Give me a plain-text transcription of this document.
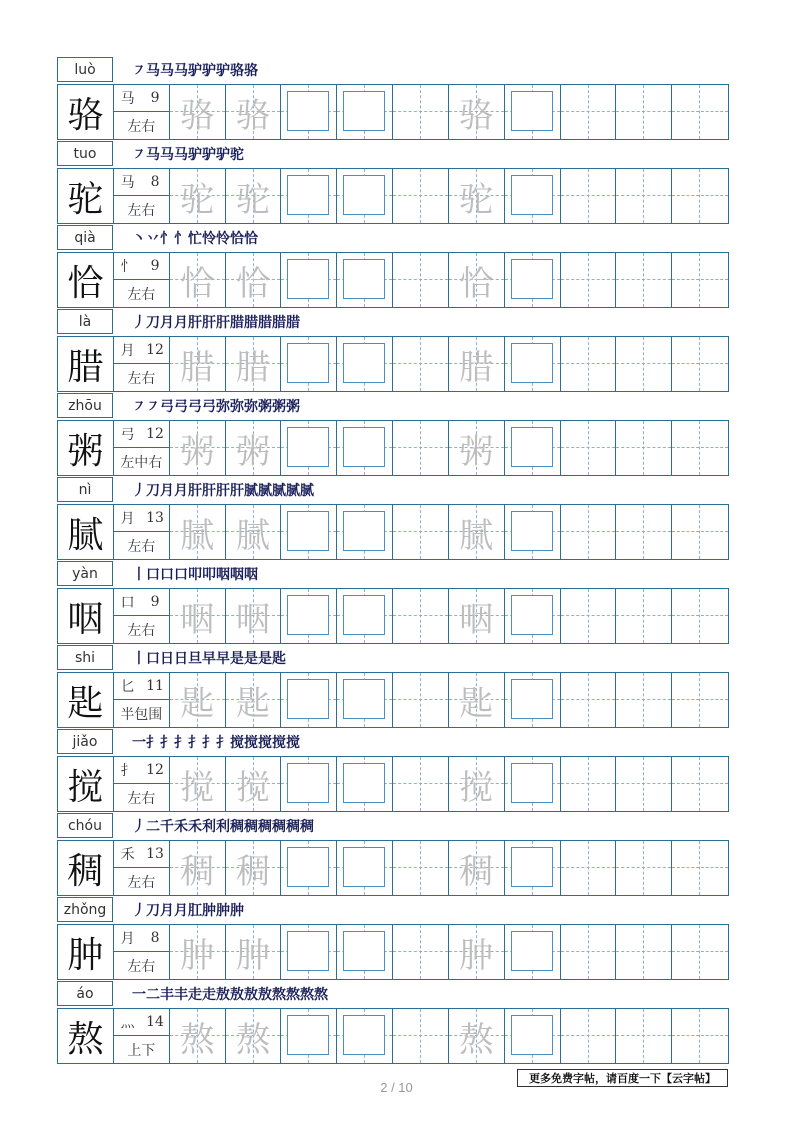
luò	㇇ 马 马 马 驴 驴 驴 骆 骆
骆	马	9
左右 骆 骆	骆
tuo	㇇ 马 马 马 驴 驴 驴 驼
驼	马	8
左右 驼 驼	驼
qià	丶 丷 忄 忄 忙 怜 怜 恰 恰
恰	忄	9
左右 恰 恰	恰
là	丿 刀 月 月 肝 肝 肝 腊 腊 腊 腊 腊
腊	月 12
左右 腊 腊	腊
zhōu	㇇ ㇇ 弓 弓 弓 弓 弥 弥 弥 粥 粥 粥
粥	弓 12
左中右 粥 粥	粥
nì	丿 刀 月 月 肝 肝 肝 肝 腻 腻 腻 腻 腻
腻	月 13
左右 腻 腻	腻
yàn	丨 口 口 口 叩 叩 咽 咽 咽
咽	口	9
左右 咽 咽	咽
shi	丨 口 日 日 旦 早 早 是 是 是 匙
匙	匕 11
半包围 匙 匙	匙
jiǎo	一 扌 扌 扌 扌 扌 扌 搅 搅 搅 搅 搅
搅	扌 12
左右 搅 搅	搅
chóu	丿 二 千 禾 禾 利 利 稠 稠 稠 稠 稠 稠
稠	禾 13
左右 稠 稠	稠
zhǒng	丿 刀 月 月 肛 肿 肿 肿
肿	月	8
左右 肿 肿	肿
áo	一 二 丰 丰 走 走 敖 敖 敖 敖 熬 熬 熬 熬
熬	灬 14
上下 熬 熬	熬
更多免费字帖，请百度一下【云字帖】
2 / 10
